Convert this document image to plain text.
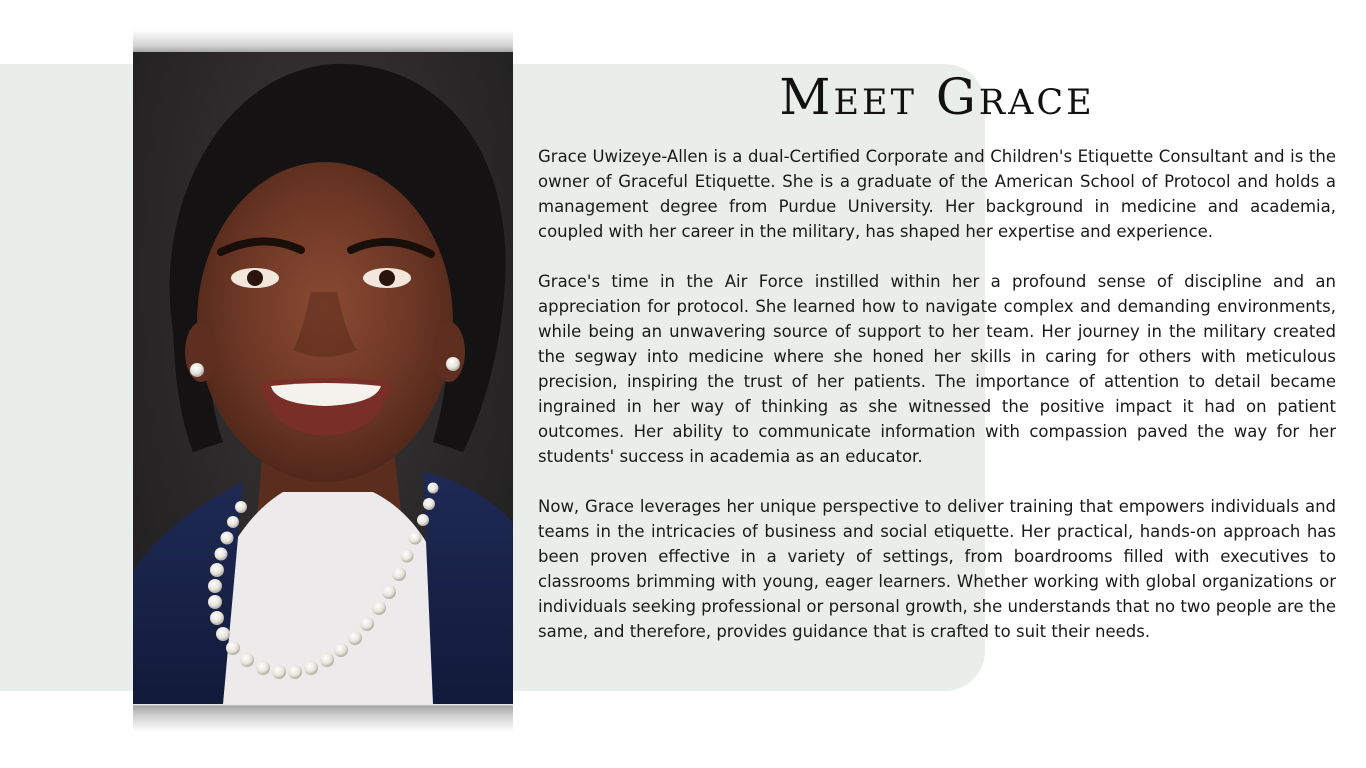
Meet Grace

Grace Uwizeye-Allen is a dual-Certified Corporate and Children's Etiquette Consultant and is the owner of Graceful Etiquette. She is a graduate of the American School of Protocol and holds a management degree from Purdue University. Her background in medicine and academia, coupled with her career in the military, has shaped her expertise and experience.

Grace's time in the Air Force instilled within her a profound sense of discipline and an appreciation for protocol. She learned how to navigate complex and demanding environments, while being an unwavering source of support to her team. Her journey in the military created the segway into medicine where she honed her skills in caring for others with meticulous precision, inspiring the trust of her patients. The importance of attention to detail became ingrained in her way of thinking as she witnessed the positive impact it had on patient outcomes. Her ability to communicate information with compassion paved the way for her students' success in academia as an educator.

Now, Grace leverages her unique perspective to deliver training that empowers individuals and teams in the intricacies of business and social etiquette. Her practical, hands-on approach has been proven effective in a variety of settings, from boardrooms filled with executives to classrooms brimming with young, eager learners. Whether working with global organizations or individuals seeking professional or personal growth, she understands that no two people are the same, and therefore, provides guidance that is crafted to suit their needs.
